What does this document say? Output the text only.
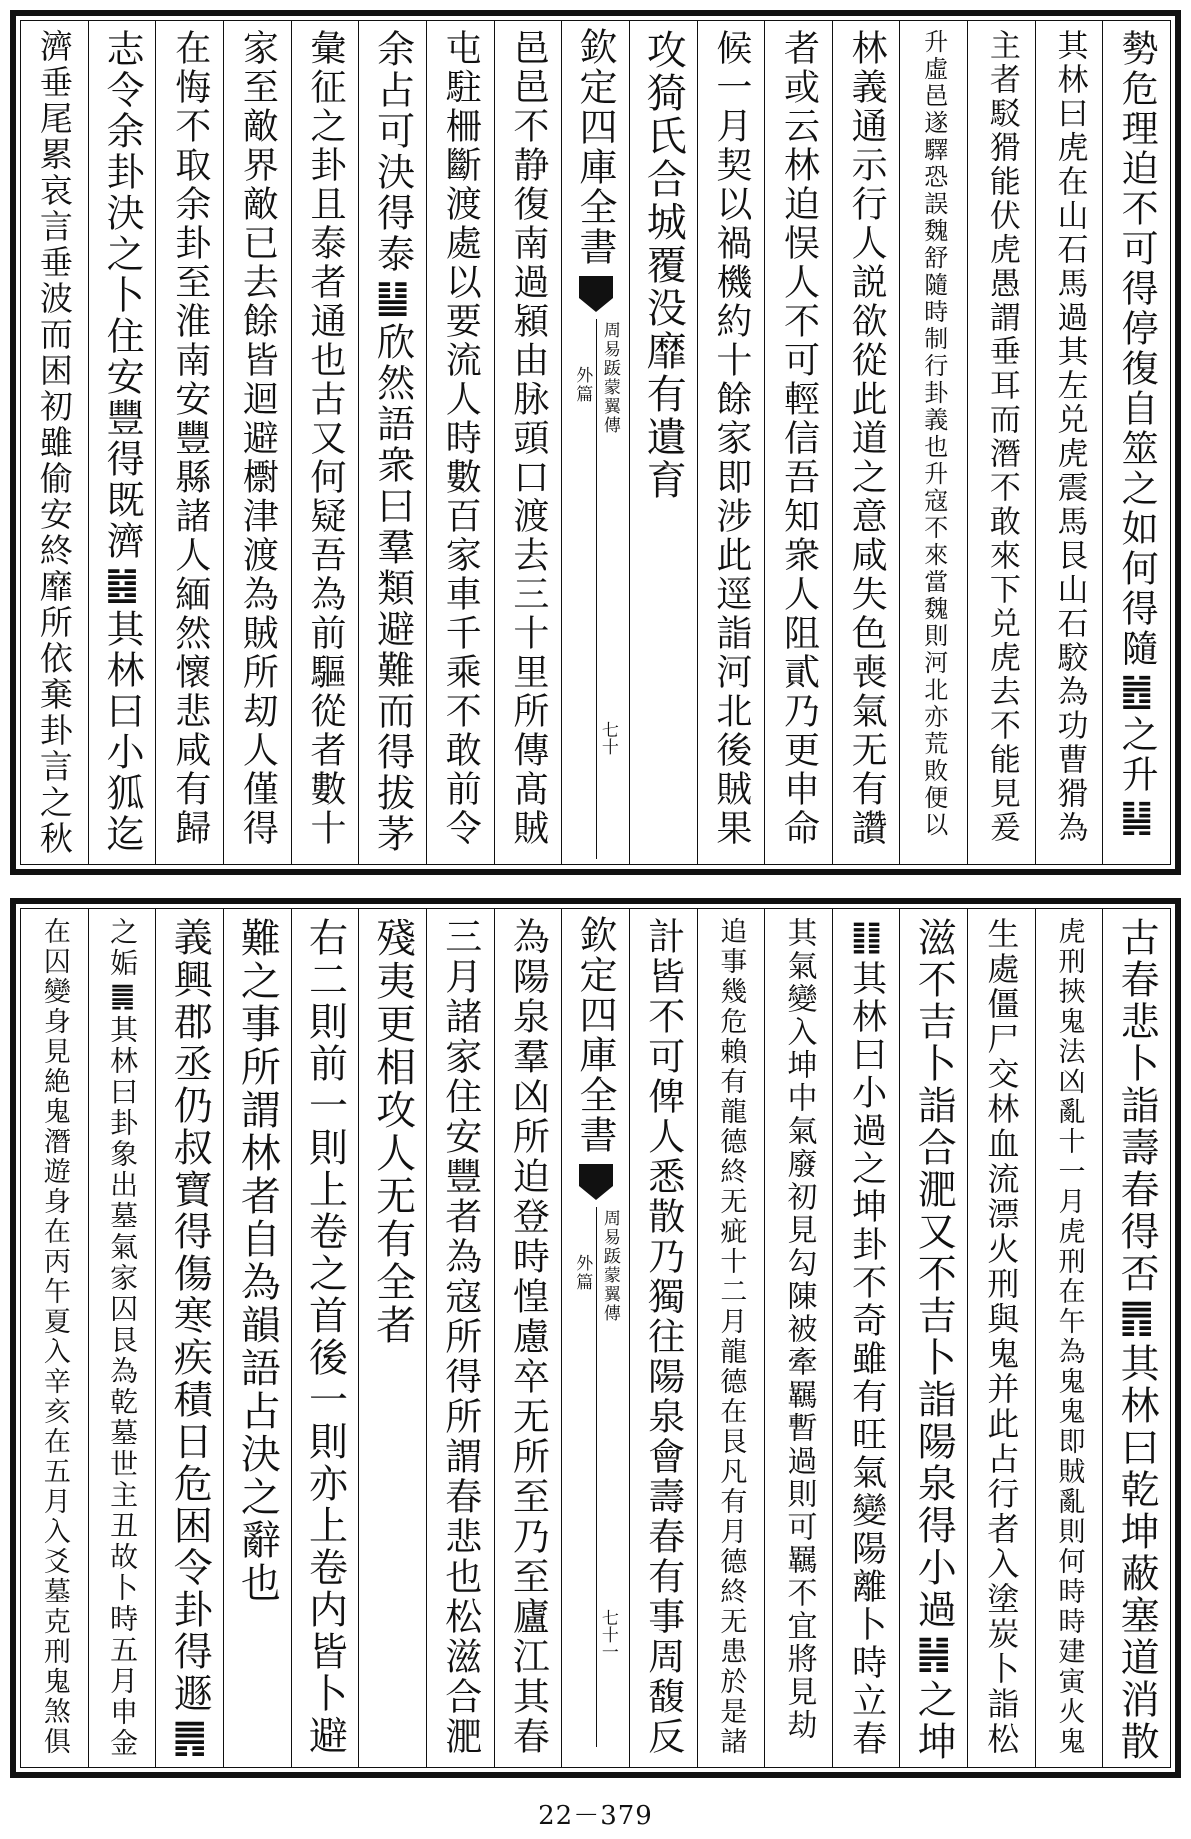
勢危理迫不可得停復自筮之如何得隨䷐之升䷭
其林曰虎在山石馬過其左兑虎震馬艮山石駮為功曹猾為
主者駁猾能伏虎愚謂垂耳而潛不敢來下兑虎去不能見爰
升虛邑遂驛恐誤魏舒隨時制行卦義也升寇不來當魏則河北亦荒敗便以
林義通示行人説欲從此道之意咸失色喪氣无有讚
者或云林迫悮人不可輕信吾知衆人阻貳乃更申命
候一月契以禍機約十餘家即涉此逕詣河北後賊果
攻猗氏合城覆没靡有遺育
欽定四庫全書
周易䟦蒙翼傳
外篇
七十
邑邑不静復南過潁由脉頭口渡去三十里所傳髙賊
屯駐柵斷渡處以要流人時數百家車千乘不敢前令
余占可決得泰䷊欣然語衆曰羣類避難而得拔茅
彙征之卦且泰者通也古又何疑吾為前驅從者數十
家至敵界敵已去餘皆迴避㯹津渡為賊所刧人僅得
在悔不取余卦至淮南安豐縣諸人緬然懷悲咸有歸
志令余卦決之卜住安豐得既濟䷾其林曰小狐迄
濟垂尾累哀言垂波而困初雖偷安終靡所依棄卦言之秋
古春悲卜詣壽春得否䷋其林曰乾坤蔽塞道消散
虎刑挾鬼法凶亂十一月虎刑在午為鬼鬼即賊亂則何時時建寅火鬼
生處僵尸交林血流漂火刑與鬼并此占行者入塗炭卜詣松
滋不吉卜詣合淝又不吉卜詣陽泉得小過䷽之坤
䷁其林曰小過之坤卦不奇雖有旺氣變陽離卜時立春
其氣變入坤中氣廢初見勾陳被牽羈暫過則可羈不宜將見劫
追事幾危賴有龍德終无疵十二月龍德在艮凡有月德終无患於是諸
計皆不可俾人悉散乃獨往陽泉會壽春有事周馥反
欽定四庫全書
周易䟦蒙翼傳
外篇
七十一
為陽泉羣凶所迫登時惶慮卒无所至乃至廬江其春
三月諸家住安豐者為寇所得所謂春悲也松滋合淝
殘夷更相攻人无有全者
右二則前一則上卷之首後一則亦上卷内皆卜避
難之事所謂林者自為韻語占決之辭也
義興郡丞仍叔寶得傷寒疾積日危困令卦得遯䷠
之姤䷫其林曰卦象出墓氣家囚艮為乾墓世主丑故卜時五月申金
在囚變身見絶鬼潛遊身在丙午夏入辛亥在五月入爻墓克刑鬼煞俱
22－379
